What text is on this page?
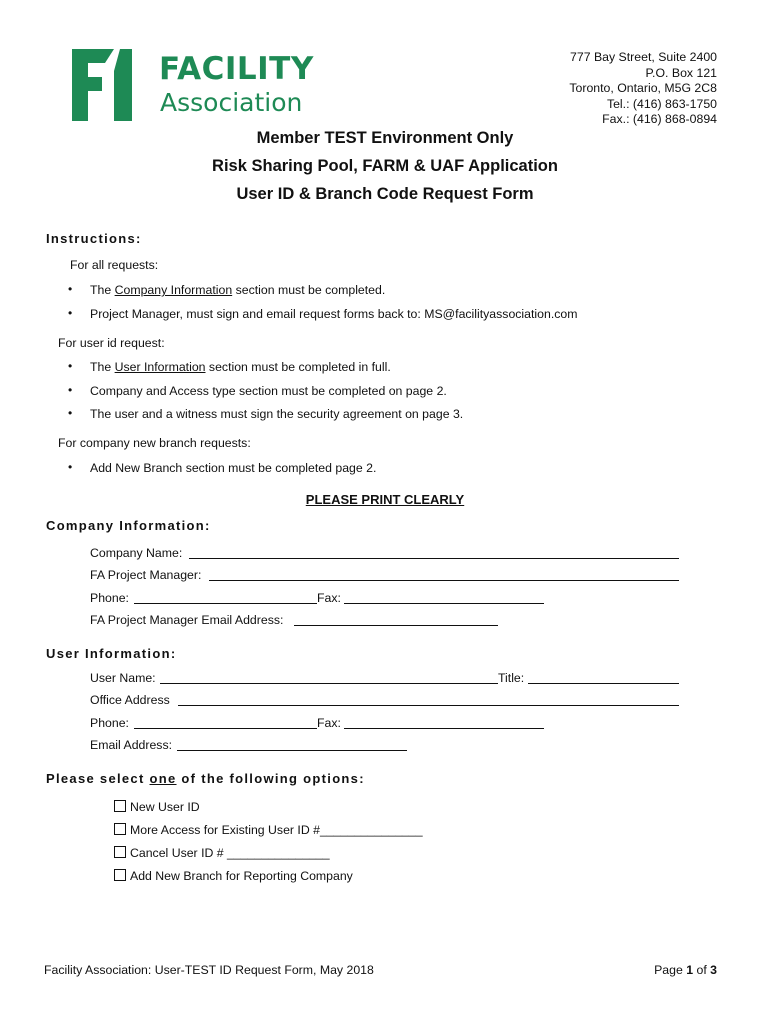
FACILITY
Association
777 Bay Street, Suite 2400
P.O. Box 121
Toronto, Ontario, M5G 2C8
Tel.: (416) 863-1750
Fax.: (416) 868-0894
Member TEST Environment Only
Risk Sharing Pool, FARM & UAF Application
User ID & Branch Code Request Form
Instructions:
For all requests:
• The Company Information section must be completed.
• Project Manager, must sign and email request forms back to: MS@facilityassociation.com
For user id request:
• The User Information section must be completed in full.
• Company and Access type section must be completed on page 2.
• The user and a witness must sign the security agreement on page 3.
For company new branch requests:
• Add New Branch section must be completed page 2.
PLEASE PRINT CLEARLY
Company Information:
Company Name:
FA Project Manager:
Phone:	Fax:
FA Project Manager Email Address:
User Information:
User Name:	Title:
Office Address
Phone:	Fax:
Email Address:
Please select one of the following options:
New User ID
More Access for Existing User ID #_______________
Cancel User ID # _______________
Add New Branch for Reporting Company
Facility Association: User-TEST ID Request Form, May 2018	Page 1 of 3
